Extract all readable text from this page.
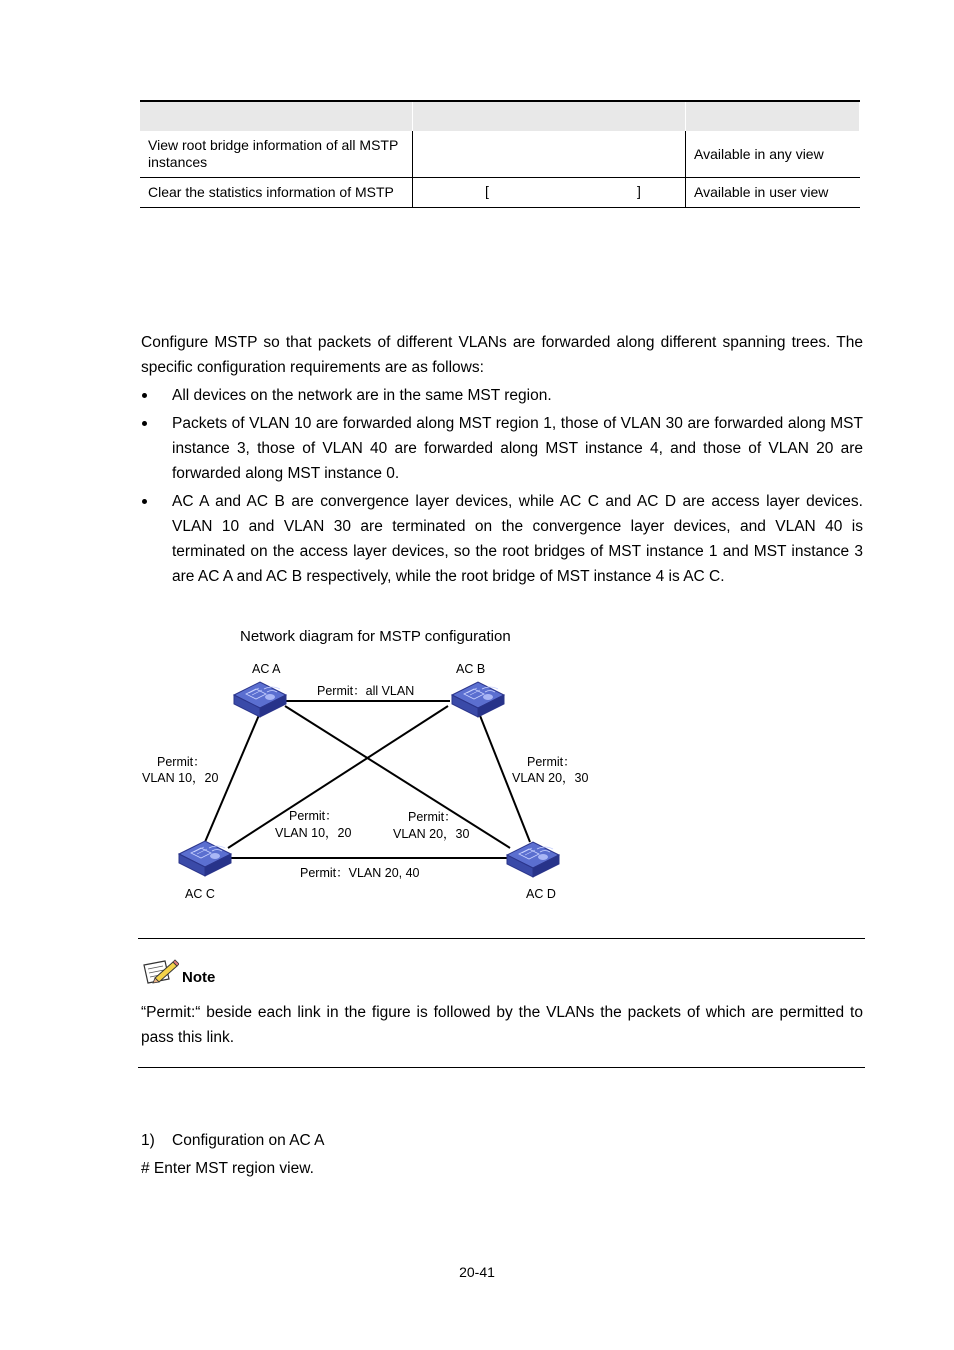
View root bridge information of all MSTP instances		Available in any view
Clear the statistics information of MSTP	[ ]	Available in user view
Configure MSTP so that packets of different VLANs are forwarded along different spanning trees. The specific configuration requirements are as follows:
All devices on the network are in the same MST region.
Packets of VLAN 10 are forwarded along MST region 1, those of VLAN 30 are forwarded along MST instance 3, those of VLAN 40 are forwarded along MST instance 4, and those of VLAN 20 are forwarded along MST instance 0.
AC A and AC B are convergence layer devices, while AC C and AC D are access layer devices. VLAN 10 and VLAN 30 are terminated on the convergence layer devices, and VLAN 40 is terminated on the access layer devices, so the root bridges of MST instance 1 and MST instance 3 are AC A and AC B respectively, while the root bridge of MST instance 4 is AC C.
Network diagram for MSTP configuration
AC A	AC B
AC C	AC D
Permit：all VLAN
Permit：
VLAN 10，20
Permit：
VLAN 20，30
Permit：
VLAN 10，20
Permit：
VLAN 20，30
Permit：VLAN 20, 40
Note
“Permit:“ beside each link in the figure is followed by the VLANs the packets of which are permitted to pass this link.
1)    Configuration on AC A
# Enter MST region view.
20-41
